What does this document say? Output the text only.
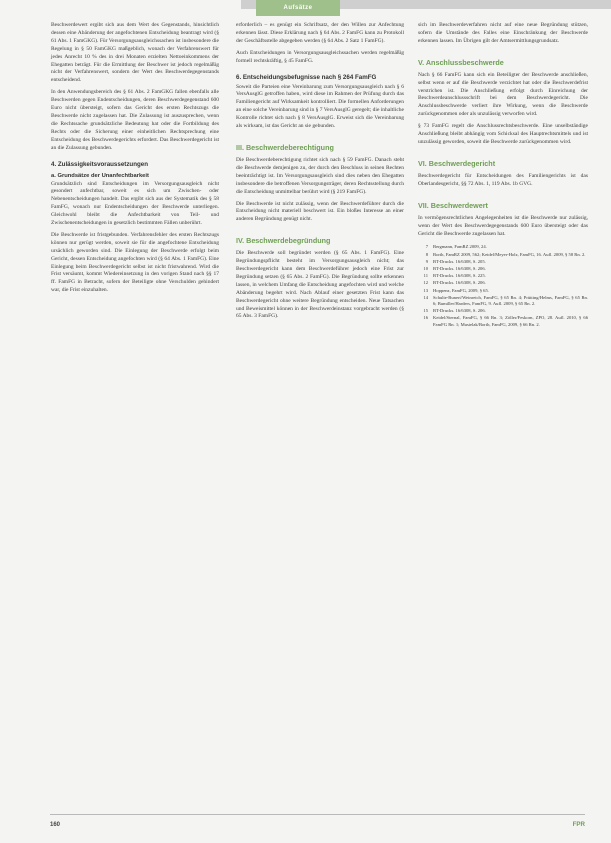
Aufsätze

Beschwerdewert ergibt sich aus dem Wert des Gegenstands, hinsichtlich dessen eine Abänderung der angefochtenen Entscheidung beantragt wird (§ 61 Abs. 1 FamGKG). Für Versorgungsausgleichssachen ist insbesondere die Regelung in § 50 FamGKG maßgeblich, wonach der Verfahrenswert für jedes Anrecht 10 % des in drei Monaten erzielten Nettoeinkommens der Ehegatten beträgt. Für die Ermittlung der Beschwer ist jedoch regelmäßig nicht der Verfahrenswert, sondern der Wert des Beschwerdegegenstands entscheidend.

In den Anwendungsbereich des § 61 Abs. 2 FamGKG fallen ebenfalls alle Beschwerden gegen Endentscheidungen, deren Beschwerdegegenstand 600 Euro nicht übersteigt, sofern das Gericht des ersten Rechtszugs die Beschwerde nicht zugelassen hat. Die Zulassung ist auszusprechen, wenn die Rechtssache grundsätzliche Bedeutung hat oder die Fortbildung des Rechts oder die Sicherung einer einheitlichen Rechtsprechung eine Entscheidung des Beschwerdegerichts erfordert. Das Beschwerdegericht ist an die Zulassung gebunden.

4. Zulässigkeitsvoraussetzungen
a. Grundsätze der Unanfechtbarkeit

Grundsätzlich sind Entscheidungen im Versorgungsausgleich nicht gesondert anfechtbar, soweit es sich um Zwischen- oder Nebenentscheidungen handelt. Das ergibt sich aus der Systematik des § 58 FamFG, wonach nur Endentscheidungen der Beschwerde unterliegen. Gleichwohl bleibt die Anfechtbarkeit von Teil- und Zwischenentscheidungen in gesetzlich bestimmten Fällen unberührt.

Die Beschwerde ist fristgebunden. Verfahrensfehler des ersten Rechtszugs können nur gerügt werden, soweit sie für die angefochtene Entscheidung ursächlich geworden sind. Die Einlegung der Beschwerde erfolgt beim Gericht, dessen Entscheidung angefochten wird (§ 64 Abs. 1 FamFG). Eine Einlegung beim Beschwerdegericht selbst ist nicht fristwahrend. Wird die Frist versäumt, kommt Wiedereinsetzung in den vorigen Stand nach §§ 17 ff. FamFG in Betracht, sofern der Beteiligte ohne Verschulden gehindert war, die Frist einzuhalten.

erforderlich – es genügt ein Schriftsatz, der den Willen zur Anfechtung erkennen lässt. Diese Erklärung nach § 64 Abs. 2 FamFG kann zu Protokoll der Geschäftsstelle abgegeben werden (§ 64 Abs. 2 Satz 1 FamFG).

Auch Entscheidungen in Versorgungsausgleichssachen werden regelmäßig formell rechtskräftig, § 45 FamFG.

6. Entscheidungsbefugnisse nach § 264 FamFG

Soweit die Parteien eine Vereinbarung zum Versorgungsausgleich nach § 6 VersAusglG getroffen haben, wird diese im Rahmen der Prüfung durch das Familiengericht auf Wirksamkeit kontrolliert. Die formellen Anforderungen an eine solche Vereinbarung sind in § 7 VersAusglG geregelt; die inhaltliche Kontrolle richtet sich nach § 8 VersAusglG. Erweist sich die Vereinbarung als wirksam, ist das Gericht an sie gebunden.

III. Beschwerdeberechtigung

Die Beschwerdeberechtigung richtet sich nach § 59 FamFG. Danach steht die Beschwerde demjenigen zu, der durch den Beschluss in seinen Rechten beeinträchtigt ist. Im Versorgungsausgleich sind dies neben den Ehegatten insbesondere die betroffenen Versorgungsträger, deren Rechtsstellung durch die Entscheidung unmittelbar berührt wird (§ 219 FamFG).

Die Beschwerde ist nicht zulässig, wenn der Beschwerdeführer durch die Entscheidung nicht materiell beschwert ist. Ein bloßes Interesse an einer anderen Begründung genügt nicht.

IV. Beschwerdebegründung

Die Beschwerde soll begründet werden (§ 65 Abs. 1 FamFG). Eine Begründungspflicht besteht im Versorgungsausgleich nicht; das Beschwerdegericht kann dem Beschwerdeführer jedoch eine Frist zur Begründung setzen (§ 65 Abs. 2 FamFG). Die Begründung sollte erkennen lassen, in welchem Umfang die Entscheidung angefochten wird und welche Abänderung begehrt wird. Nach Ablauf einer gesetzten Frist kann das Beschwerdegericht ohne weitere Begründung entscheiden. Neue Tatsachen und Beweismittel können in der Beschwerdeinstanz vorgebracht werden (§ 65 Abs. 3 FamFG).

sich im Beschwerdeverfahren nicht auf eine neue Begründung stützen, sofern die Umstände des Falles eine Einschränkung der Beschwerde erkennen lassen. Im Übrigen gilt der Amtsermittlungsgrundsatz.

V. Anschlussbeschwerde

Nach § 66 FamFG kann sich ein Beteiligter der Beschwerde anschließen, selbst wenn er auf die Beschwerde verzichtet hat oder die Beschwerdefrist verstrichen ist. Die Anschließung erfolgt durch Einreichung der Beschwerdeanschlussschrift bei dem Beschwerdegericht. Die Anschlussbeschwerde verliert ihre Wirkung, wenn die Beschwerde zurückgenommen oder als unzulässig verworfen wird.

§ 73 FamFG regelt die Anschlussrechtsbeschwerde. Eine unselbständige Anschließung bleibt abhängig vom Schicksal des Hauptrechtsmittels und ist unzulässig geworden, soweit die Beschwerde zurückgenommen wird.

VI. Beschwerdegericht

Beschwerdegericht für Entscheidungen des Familiengerichts ist das Oberlandesgericht, §§ 72 Abs. 1, 119 Abs. 1b GVG.

VII. Beschwerdewert

In vermögensrechtlichen Angelegenheiten ist die Beschwerde nur zulässig, wenn der Wert des Beschwerdegegenstands 600 Euro übersteigt oder das Gericht die Beschwerde zugelassen hat.

7 Bergmann, FamRZ 2009, 24.
8 Borth, FamRZ 2009, 562; Keidel/Meyer-Holz, FamFG, 16. Aufl. 2009, § 58 Rn. 2.
9 BT-Drucks. 16/6308, S. 205.
10 BT-Drucks. 16/6308, S. 206.
11 BT-Drucks. 16/6308, S. 225.
12 BT-Drucks. 16/6308, S. 206.
13 Hoppenz, FamFG, 2009, § 65.
14 Schulte-Bunert/Weinreich, FamFG, § 65 Rn. 4; Prütting/Helms, FamFG, § 65 Rn. 6; Bumiller/Harders, FamFG, 9. Aufl. 2009, § 65 Rn. 2.
15 BT-Drucks. 16/6308, S. 206.
16 Keidel/Sternal, FamFG, § 66 Rn. 3; Zöller/Feskorn, ZPO, 28. Aufl. 2010, § 66 FamFG Rn. 1; Musielak/Borth, FamFG, 2009, § 66 Rn. 2.
160	FPR
